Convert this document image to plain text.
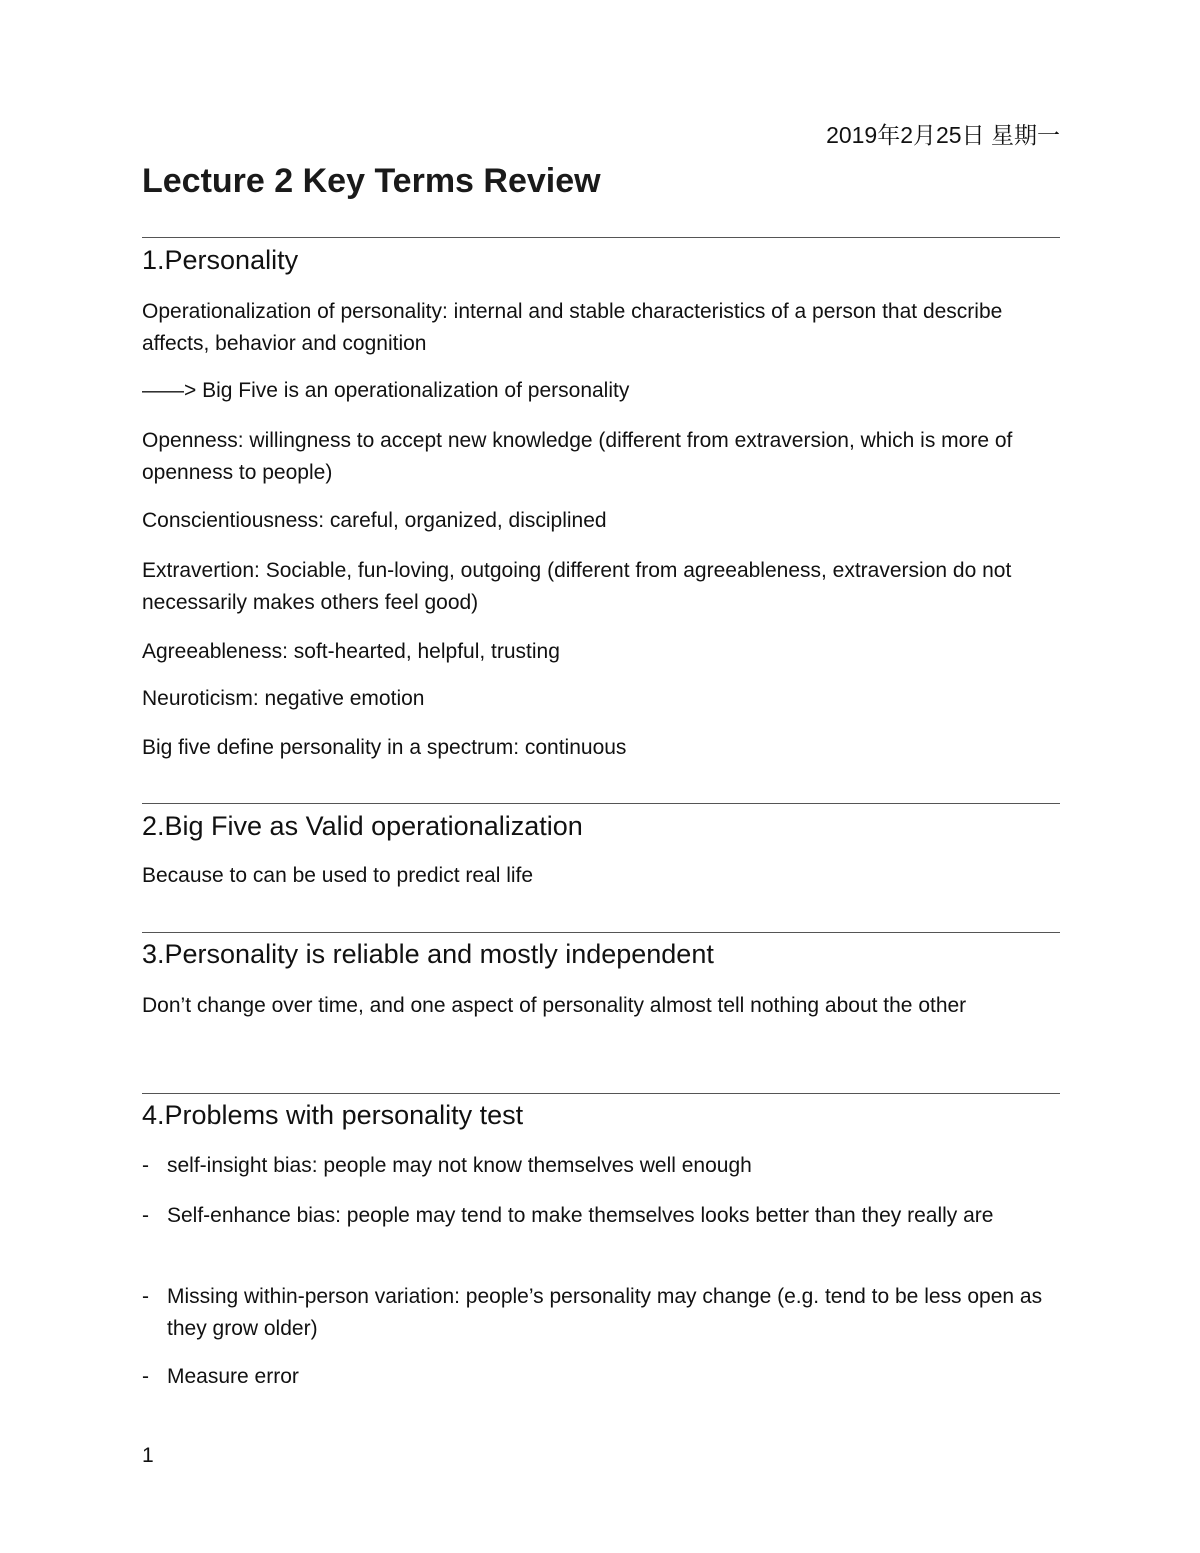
2019年2月25日 星期一
Lecture 2 Key Terms Review
1.Personality

Operationalization of personality: internal and stable characteristics of a person that describe affects, behavior and cognition

——> Big Five is an operationalization of personality

Openness: willingness to accept new knowledge (different from extraversion, which is more of openness to people)

Conscientiousness: careful, organized, disciplined

Extravertion: Sociable, fun-loving, outgoing (different from agreeableness, extraversion do not necessarily makes others feel good)

Agreeableness: soft-hearted, helpful, trusting

Neuroticism: negative emotion

Big five define personality in a spectrum: continuous

2.Big Five as Valid operationalization

Because to can be used to predict real life

3.Personality is reliable and mostly independent

Don’t change over time, and one aspect of personality almost tell nothing about the other

4.Problems with personality test
- self-insight bias: people may not know themselves well enough
- Self-enhance bias: people may tend to make themselves looks better than they really are
- Missing within-person variation: people’s personality may change (e.g. tend to be less open as they grow older)
- Measure error
1
